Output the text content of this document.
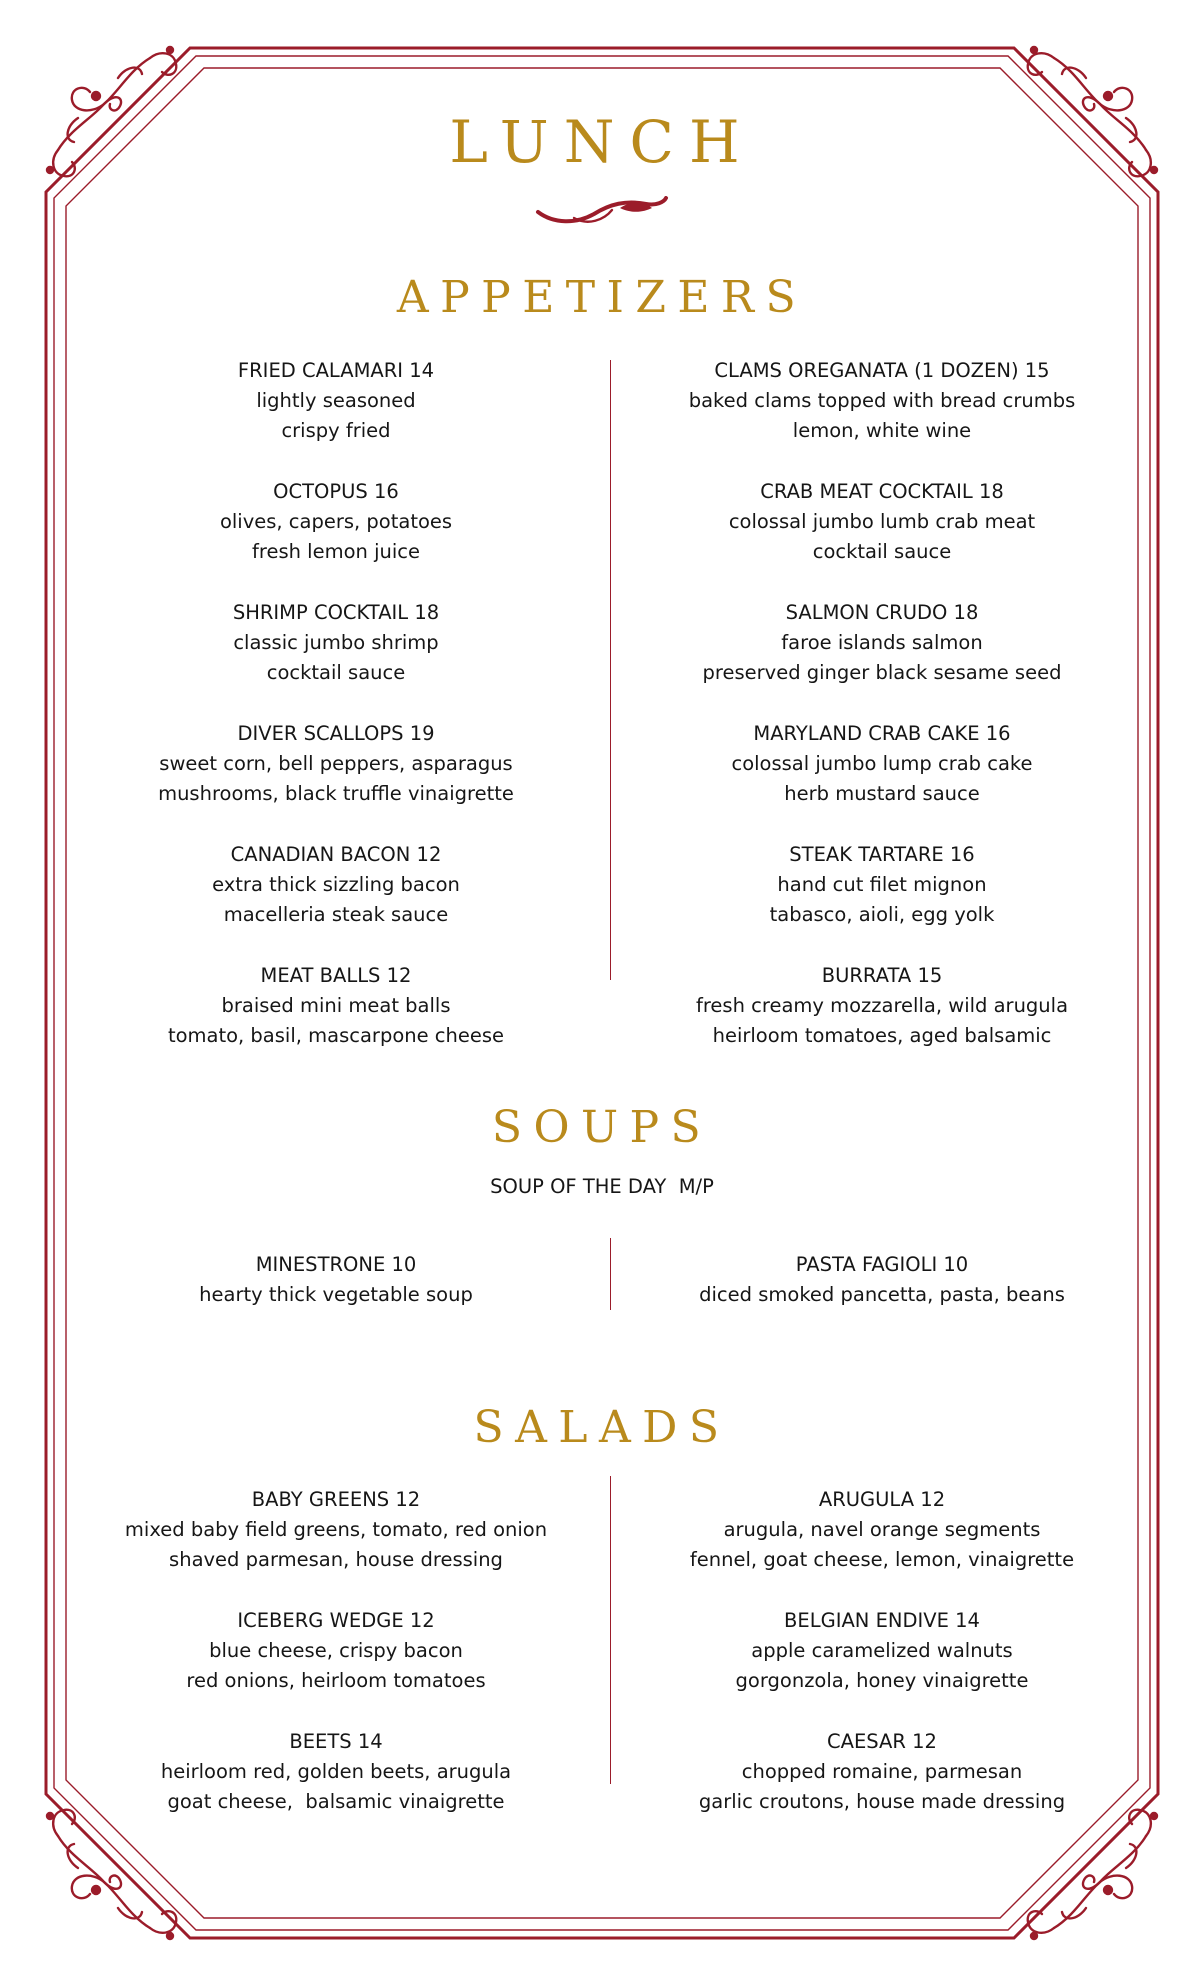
LUNCH
APPETIZERS
FRIED CALAMARI 14
lightly seasoned
crispy fried
OCTOPUS 16
olives, capers, potatoes
fresh lemon juice
SHRIMP COCKTAIL 18
classic jumbo shrimp
cocktail sauce
DIVER SCALLOPS 19
sweet corn, bell peppers, asparagus
mushrooms, black truffle vinaigrette
CANADIAN BACON 12
extra thick sizzling bacon
macelleria steak sauce
MEAT BALLS 12
braised mini meat balls
tomato, basil, mascarpone cheese
CLAMS OREGANATA (1 DOZEN) 15
baked clams topped with bread crumbs
lemon, white wine
CRAB MEAT COCKTAIL 18
colossal jumbo lumb crab meat
cocktail sauce
SALMON CRUDO 18
faroe islands salmon
preserved ginger black sesame seed
MARYLAND CRAB CAKE 16
colossal jumbo lump crab cake
herb mustard sauce
STEAK TARTARE 16
hand cut filet mignon
tabasco, aioli, egg yolk
BURRATA 15
fresh creamy mozzarella, wild arugula
heirloom tomatoes, aged balsamic
SOUPS
SOUP OF THE DAY  M/P
MINESTRONE 10
hearty thick vegetable soup
PASTA FAGIOLI 10
diced smoked pancetta, pasta, beans
SALADS
BABY GREENS 12
mixed baby field greens, tomato, red onion
shaved parmesan, house dressing
ICEBERG WEDGE 12
blue cheese, crispy bacon
red onions, heirloom tomatoes
BEETS 14
heirloom red, golden beets, arugula
goat cheese,  balsamic vinaigrette
ARUGULA 12
arugula, navel orange segments
fennel, goat cheese, lemon, vinaigrette
BELGIAN ENDIVE 14
apple caramelized walnuts
gorgonzola, honey vinaigrette
CAESAR 12
chopped romaine, parmesan
garlic croutons, house made dressing
